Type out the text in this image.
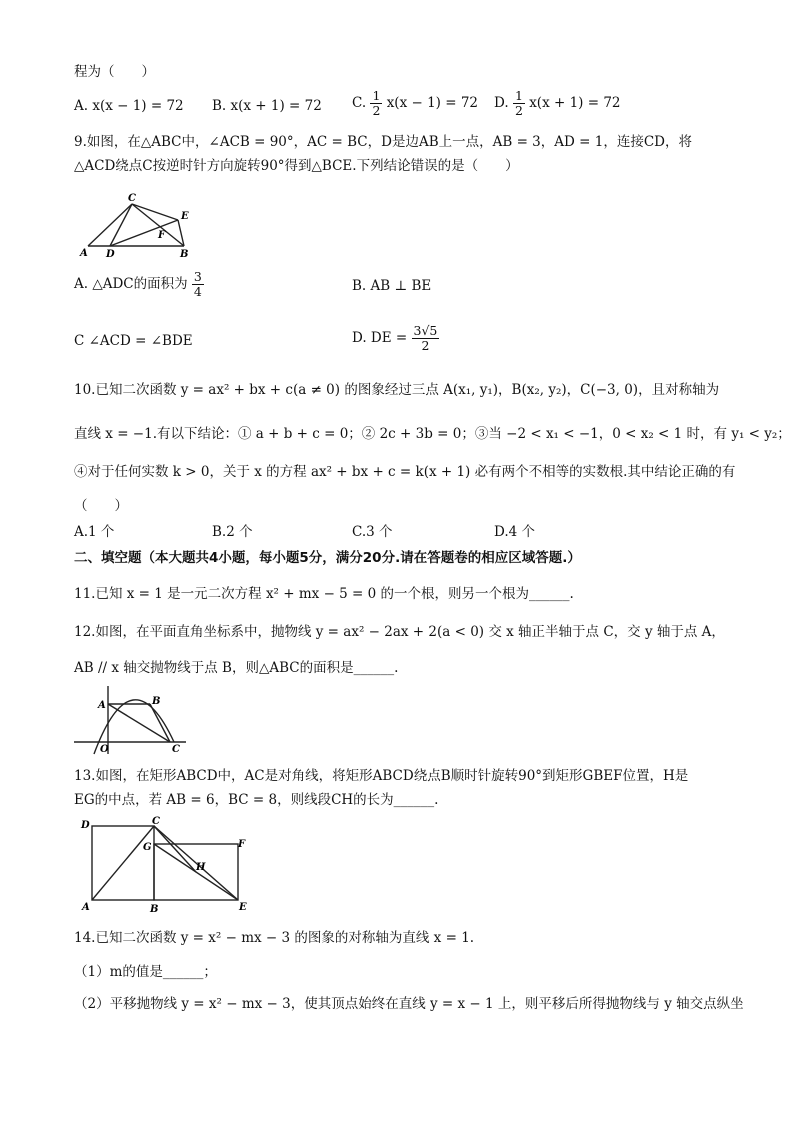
程为（　　）
A. x(x − 1) = 72 B. x(x + 1) = 72 C. $\frac{1}{2} x(x - 1) = 72$ D. $\frac{1}{2} x(x + 1) = 72$
9.如图，在△ABC中，∠ACB = 90°，AC = BC，D是边AB上一点，AB = 3，AD = 1，连接CD，将
△ACD绕点C按逆时针方向旋转90°得到△BCE.下列结论错误的是（　　）
C
E
F
A D	B
A. △ADC的面积为 $\frac{3}{4}$	B. AB ⊥ BE
C ∠ACD = ∠BDE	D. DE = $\frac{3√5}{2}$
10.已知二次函数 y = ax² + bx + c(a ≠ 0) 的图象经过三点 A(x₁, y₁)，B(x₂, y₂)，C(−3, 0)，且对称轴为
直线 x = −1.有以下结论：① a + b + c = 0；② 2c + 3b = 0；③当 −2 < x₁ < −1，0 < x₂ < 1 时，有 y₁ < y₂；
④对于任何实数 k > 0，关于 x 的方程 ax² + bx + c = k(x + 1) 必有两个不相等的实数根.其中结论正确的有
（　　）
A.1 个	B.2 个	C.3 个	D.4 个
二、填空题（本大题共4小题，每小题5分，满分20分.请在答题卷的相应区域答题.）
11.已知 x = 1 是一元二次方程 x² + mx − 5 = 0 的一个根，则另一个根为______.
12.如图，在平面直角坐标系中，抛物线 y = ax² − 2ax + 2(a < 0) 交 x 轴正半轴于点 C，交 y 轴于点 A，
AB // x 轴交抛物线于点 B，则△ABC的面积是______.
A	B
O	C
13.如图，在矩形ABCD中，AC是对角线，将矩形ABCD绕点B顺时针旋转90°到矩形GBEF位置，H是
EG的中点，若 AB = 6，BC = 8，则线段CH的长为______.
D	C
G	F
H
A	B	E
14.已知二次函数 y = x² − mx − 3 的图象的对称轴为直线 x = 1.
（1）m的值是______；
（2）平移抛物线 y = x² − mx − 3，使其顶点始终在直线 y = x − 1 上，则平移后所得抛物线与 y 轴交点纵坐
